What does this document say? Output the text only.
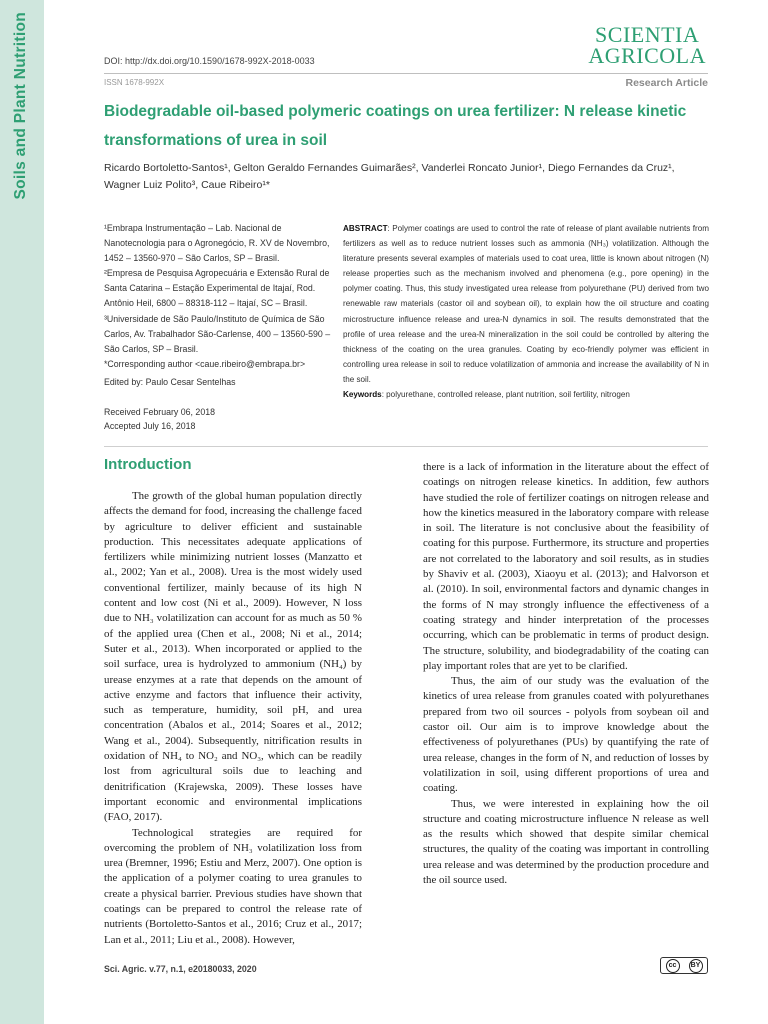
Soils and Plant Nutrition	SCIENTIA
AGRICOLA
DOI: http://dx.doi.org/10.1590/1678-992X-2018-0033
ISSN 1678-992X	Research Article
Biodegradable oil-based polymeric coatings on urea fertilizer: N release kinetic
transformations of urea in soil
Ricardo Bortoletto-Santos¹, Gelton Geraldo Fernandes Guimarães², Vanderlei Roncato Junior¹, Diego Fernandes da Cruz¹,
Wagner Luiz Polito³, Caue Ribeiro¹*

¹Embrapa Instrumentação – Lab. Nacional de Nanotecnologia para o Agronegócio, R. XV de Novembro, 1452 – 13560-970 – São Carlos, SP – Brasil.

²Empresa de Pesquisa Agropecuária e Extensão Rural de Santa Catarina – Estação Experimental de Itajaí, Rod. Antônio Heil, 6800 – 88318-112 – Itajaí, SC – Brasil.

³Universidade de São Paulo/Instituto de Química de São Carlos, Av. Trabalhador São-Carlense, 400 – 13560-590 – São Carlos, SP – Brasil.

*Corresponding author <caue.ribeiro@embrapa.br>

Edited by: Paulo Cesar Sentelhas
Received February 06, 2018
Accepted July 16, 2018

ABSTRACT: Polymer coatings are used to control the rate of release of plant available nutrients from fertilizers as well as to reduce nutrient losses such as ammonia (NH₃) volatilization. Although the literature presents several examples of materials used to coat urea, little is known about nitrogen (N) release properties such as the mechanism involved and phenomena (e.g., pore opening) in the polymer coating. Thus, this study investigated urea release from polyurethane (PU) derived from two renewable raw materials (castor oil and soybean oil), to explain how the oil structure and coating microstructure influence release and urea-N dynamics in soil. The results demonstrated that the profile of urea release and the urea-N mineralization in the soil could be controlled by altering the thickness of the coating on the urea granules. Coating by eco-friendly polymer was efficient in controlling urea release in soil to reduce volatilization of ammonia and increase the availability of N in the soil.

Keywords: polyurethane, controlled release, plant nutrition, soil fertility, nitrogen

Introduction

The growth of the global human population directly affects the demand for food, increasing the challenge faced by agriculture to deliver efficient and sustainable production. This necessitates adequate applications of fertilizers while minimizing nutrient losses (Manzatto et al., 2002; Yan et al., 2008). Urea is the most widely used conventional fertilizer, mainly because of its high N content and low cost (Ni et al., 2009). However, N loss due to NH₃ volatilization can account for as much as 50 % of the applied urea (Chen et al., 2008; Ni et al., 2014; Suter et al., 2013). When incorporated or applied to the soil surface, urea is hydrolyzed to ammonium (NH₄) by urease enzymes at a rate that depends on the amount of active enzyme and factors that influence their activity, such as temperature, humidity, soil pH, and urea concentration (Abalos et al., 2014; Soares et al., 2012; Wang et al., 2004). Subsequently, nitrification results in oxidation of NH₄ to NO₂ and NO₃, which can be readily lost from agricultural soils due to leaching and denitrification (Krajewska, 2009). These losses have important economic and environmental implications (FAO, 2017).

Technological strategies are required for overcoming the problem of NH₃ volatilization loss from urea (Bremner, 1996; Estiu and Merz, 2007). One option is the application of a polymer coating to urea granules to create a physical barrier. Previous studies have shown that coatings can be prepared to control the release rate of nutrients (Bortoletto-Santos et al., 2016; Cruz et al., 2017; Lan et al., 2011; Liu et al., 2008). However,

there is a lack of information in the literature about the effect of coatings on nitrogen release kinetics. In addition, few authors have studied the role of fertilizer coatings on nitrogen release and how the kinetics measured in the laboratory compare with release in soil. The literature is not conclusive about the feasibility of coating for this purpose. Furthermore, its structure and properties are not correlated to the laboratory and soil results, as in studies by Shaviv et al. (2003), Xiaoyu et al. (2013); and Halvorson et al. (2010). In soil, environmental factors and dynamic changes in the forms of N may strongly influence the effectiveness of a coating strategy and hinder interpretation of the processes occurring, which can be problematic in terms of product design. The structure, solubility, and biodegradability of the coating can play important roles that are yet to be clarified.

Thus, the aim of our study was the evaluation of the kinetics of urea release from granules coated with polyurethanes prepared from two oil sources - polyols from soybean oil and castor oil. Our aim is to improve knowledge about the effectiveness of polyurethanes (PUs) by quantifying the rate of urea release, changes in the form of N, and reduction of losses by volatilization in soil, using different proportions of urea and coating.

Thus, we were interested in explaining how the oil structure and coating microstructure influence N release as well as the results which showed that despite similar chemical structures, the quality of the coating was important in controlling urea release and was determined by the production procedure and the oil source used.

Sci. Agric. v.77, n.1, e20180033, 2020	cc	BY
